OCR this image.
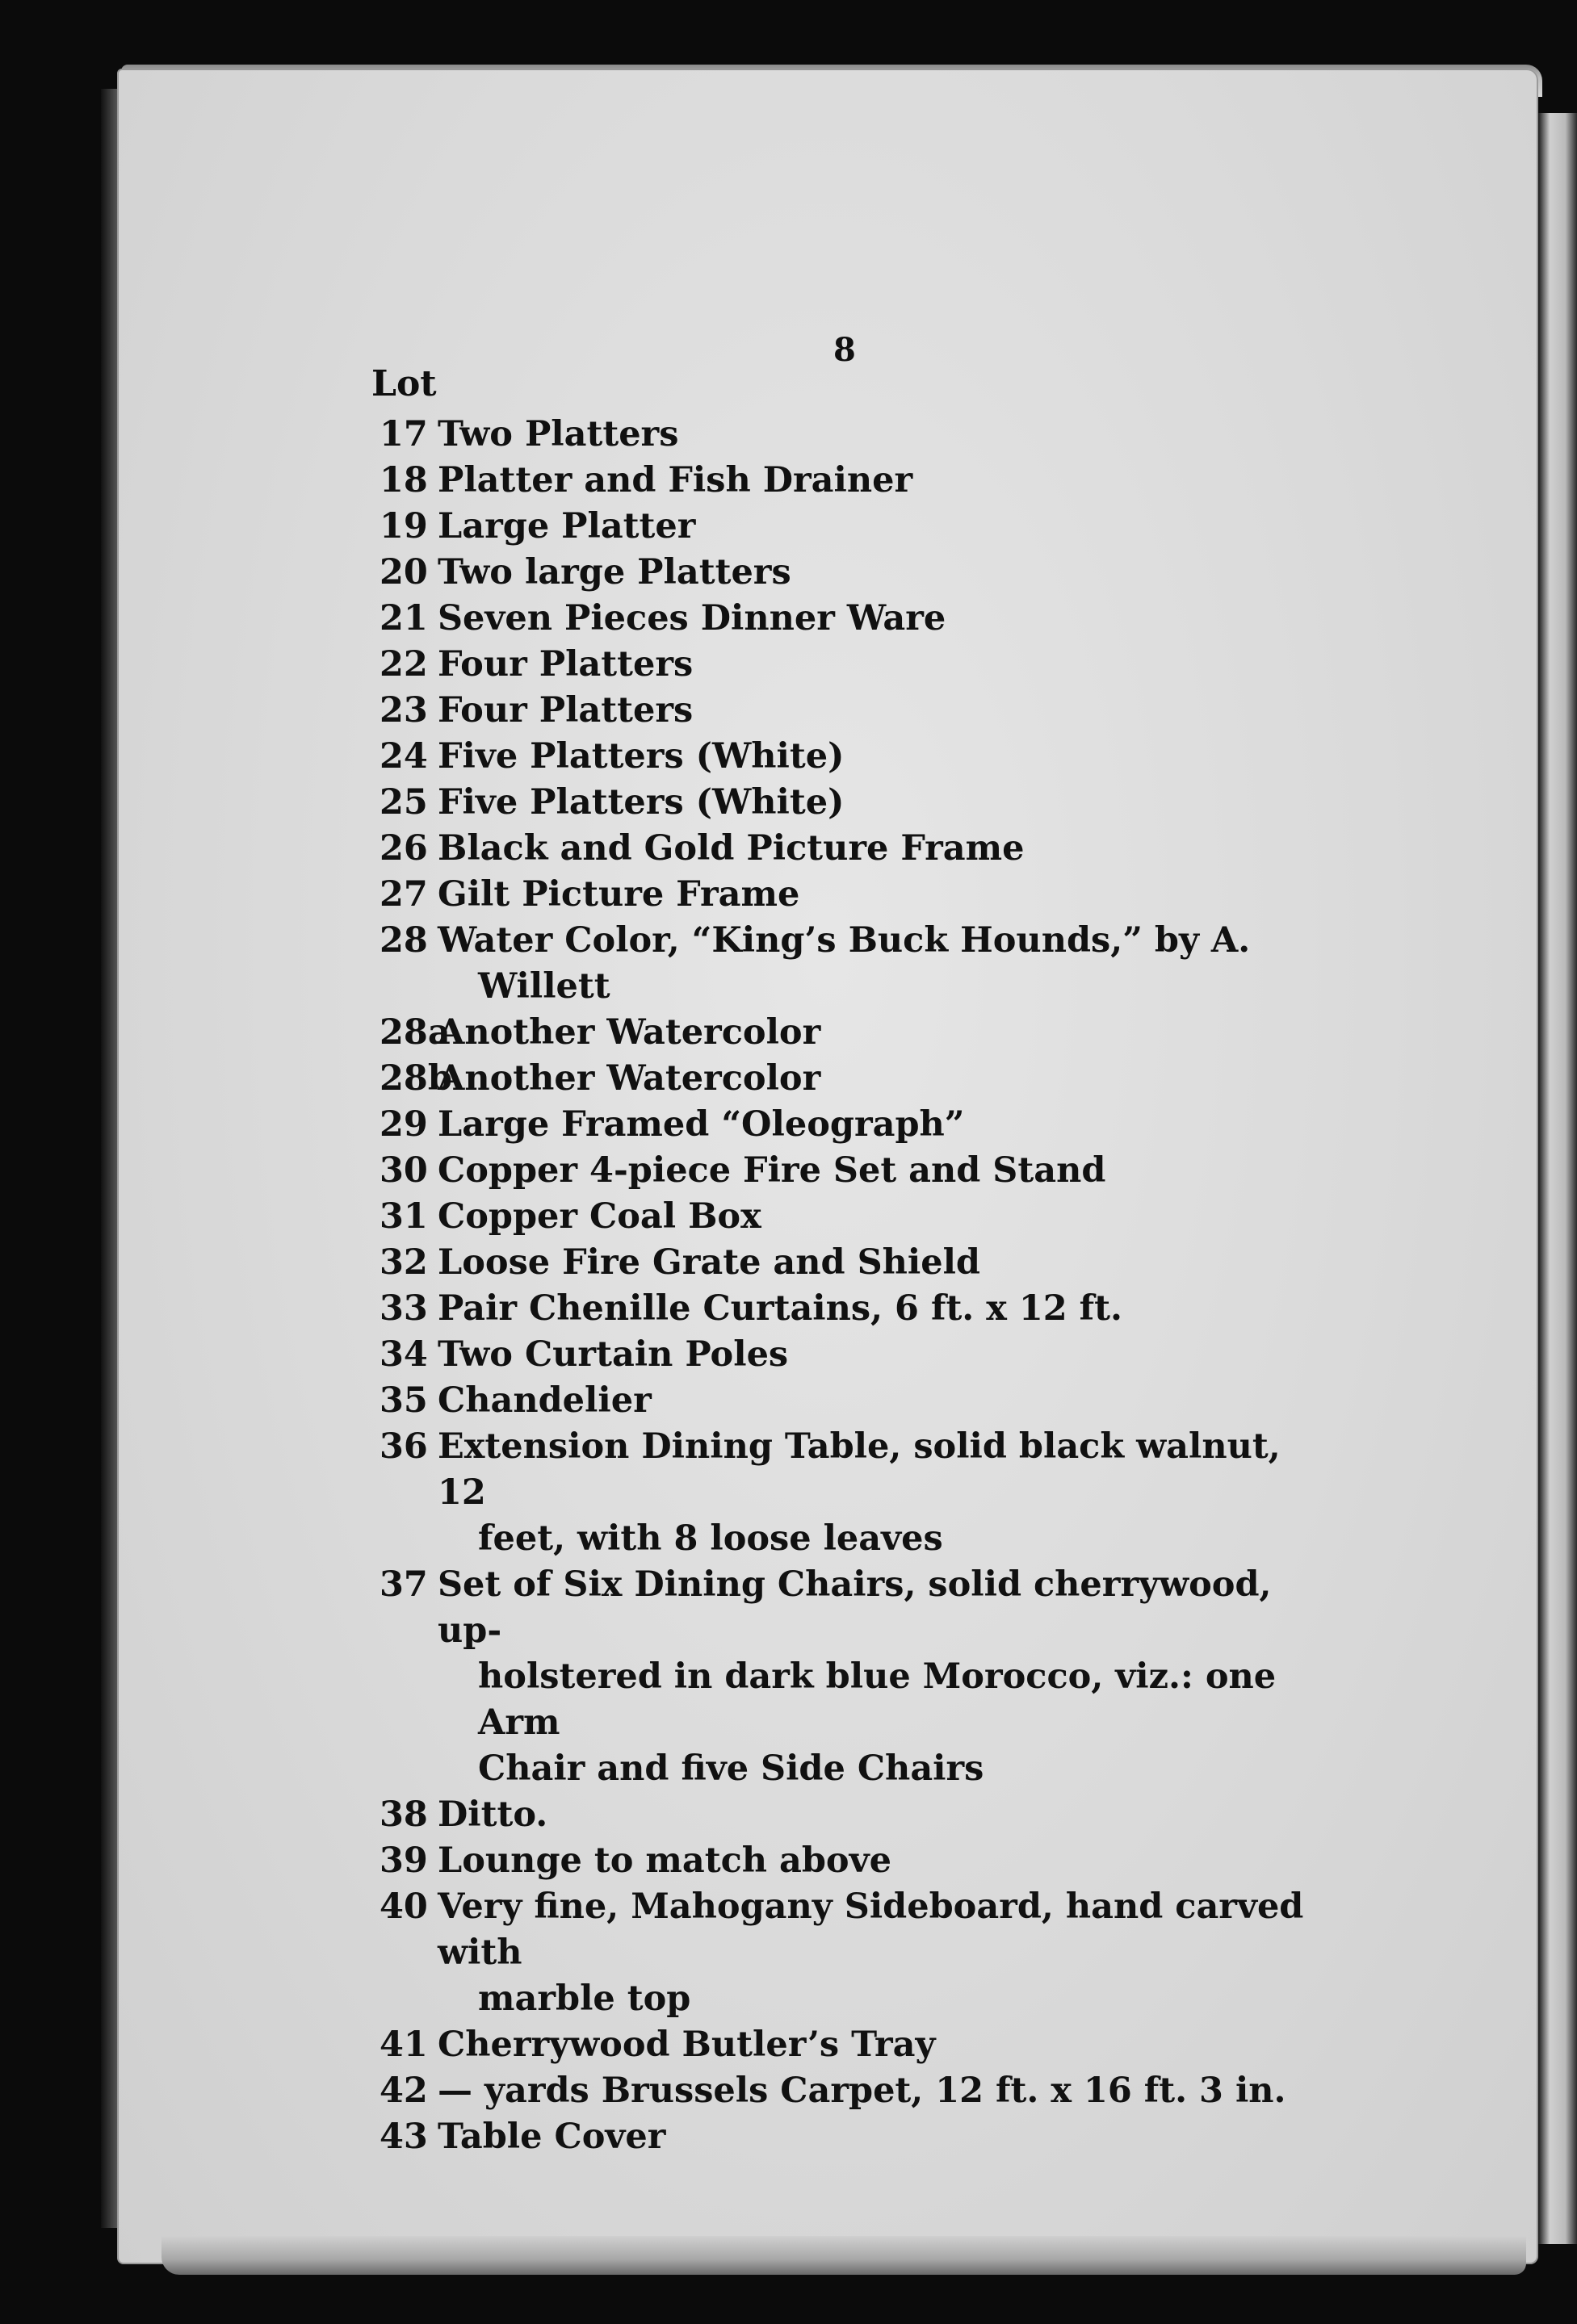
8
Lot
17 Two Platters
18 Platter and Fish Drainer
19 Large Platter
20 Two large Platters
21 Seven Pieces Dinner Ware
22 Four Platters
23 Four Platters
24 Five Platters (White)
25 Five Platters (White)
26 Black and Gold Picture Frame
27 Gilt Picture Frame
28 Water Color, “King’s Buck Hounds,” by A.
Willett
28a
Another Watercolor
28b
Another Watercolor
29 Large Framed “Oleograph”
30 Copper 4-piece Fire Set and Stand
31 Copper Coal Box
32 Loose Fire Grate and Shield
33 Pair Chenille Curtains, 6 ft. x 12 ft.
34 Two Curtain Poles
35 Chandelier
36 Extension Dining Table, solid black walnut, 12
feet, with 8 loose leaves
37 Set of Six Dining Chairs, solid cherrywood, up-
holstered in dark blue Morocco, viz.: one Arm
Chair and five Side Chairs
38 Ditto.
39 Lounge to match above
40 Very fine, Mahogany Sideboard, hand carved with
marble top
41 Cherrywood Butler’s Tray
42 — yards Brussels Carpet, 12 ft. x 16 ft. 3 in.
43 Table Cover
